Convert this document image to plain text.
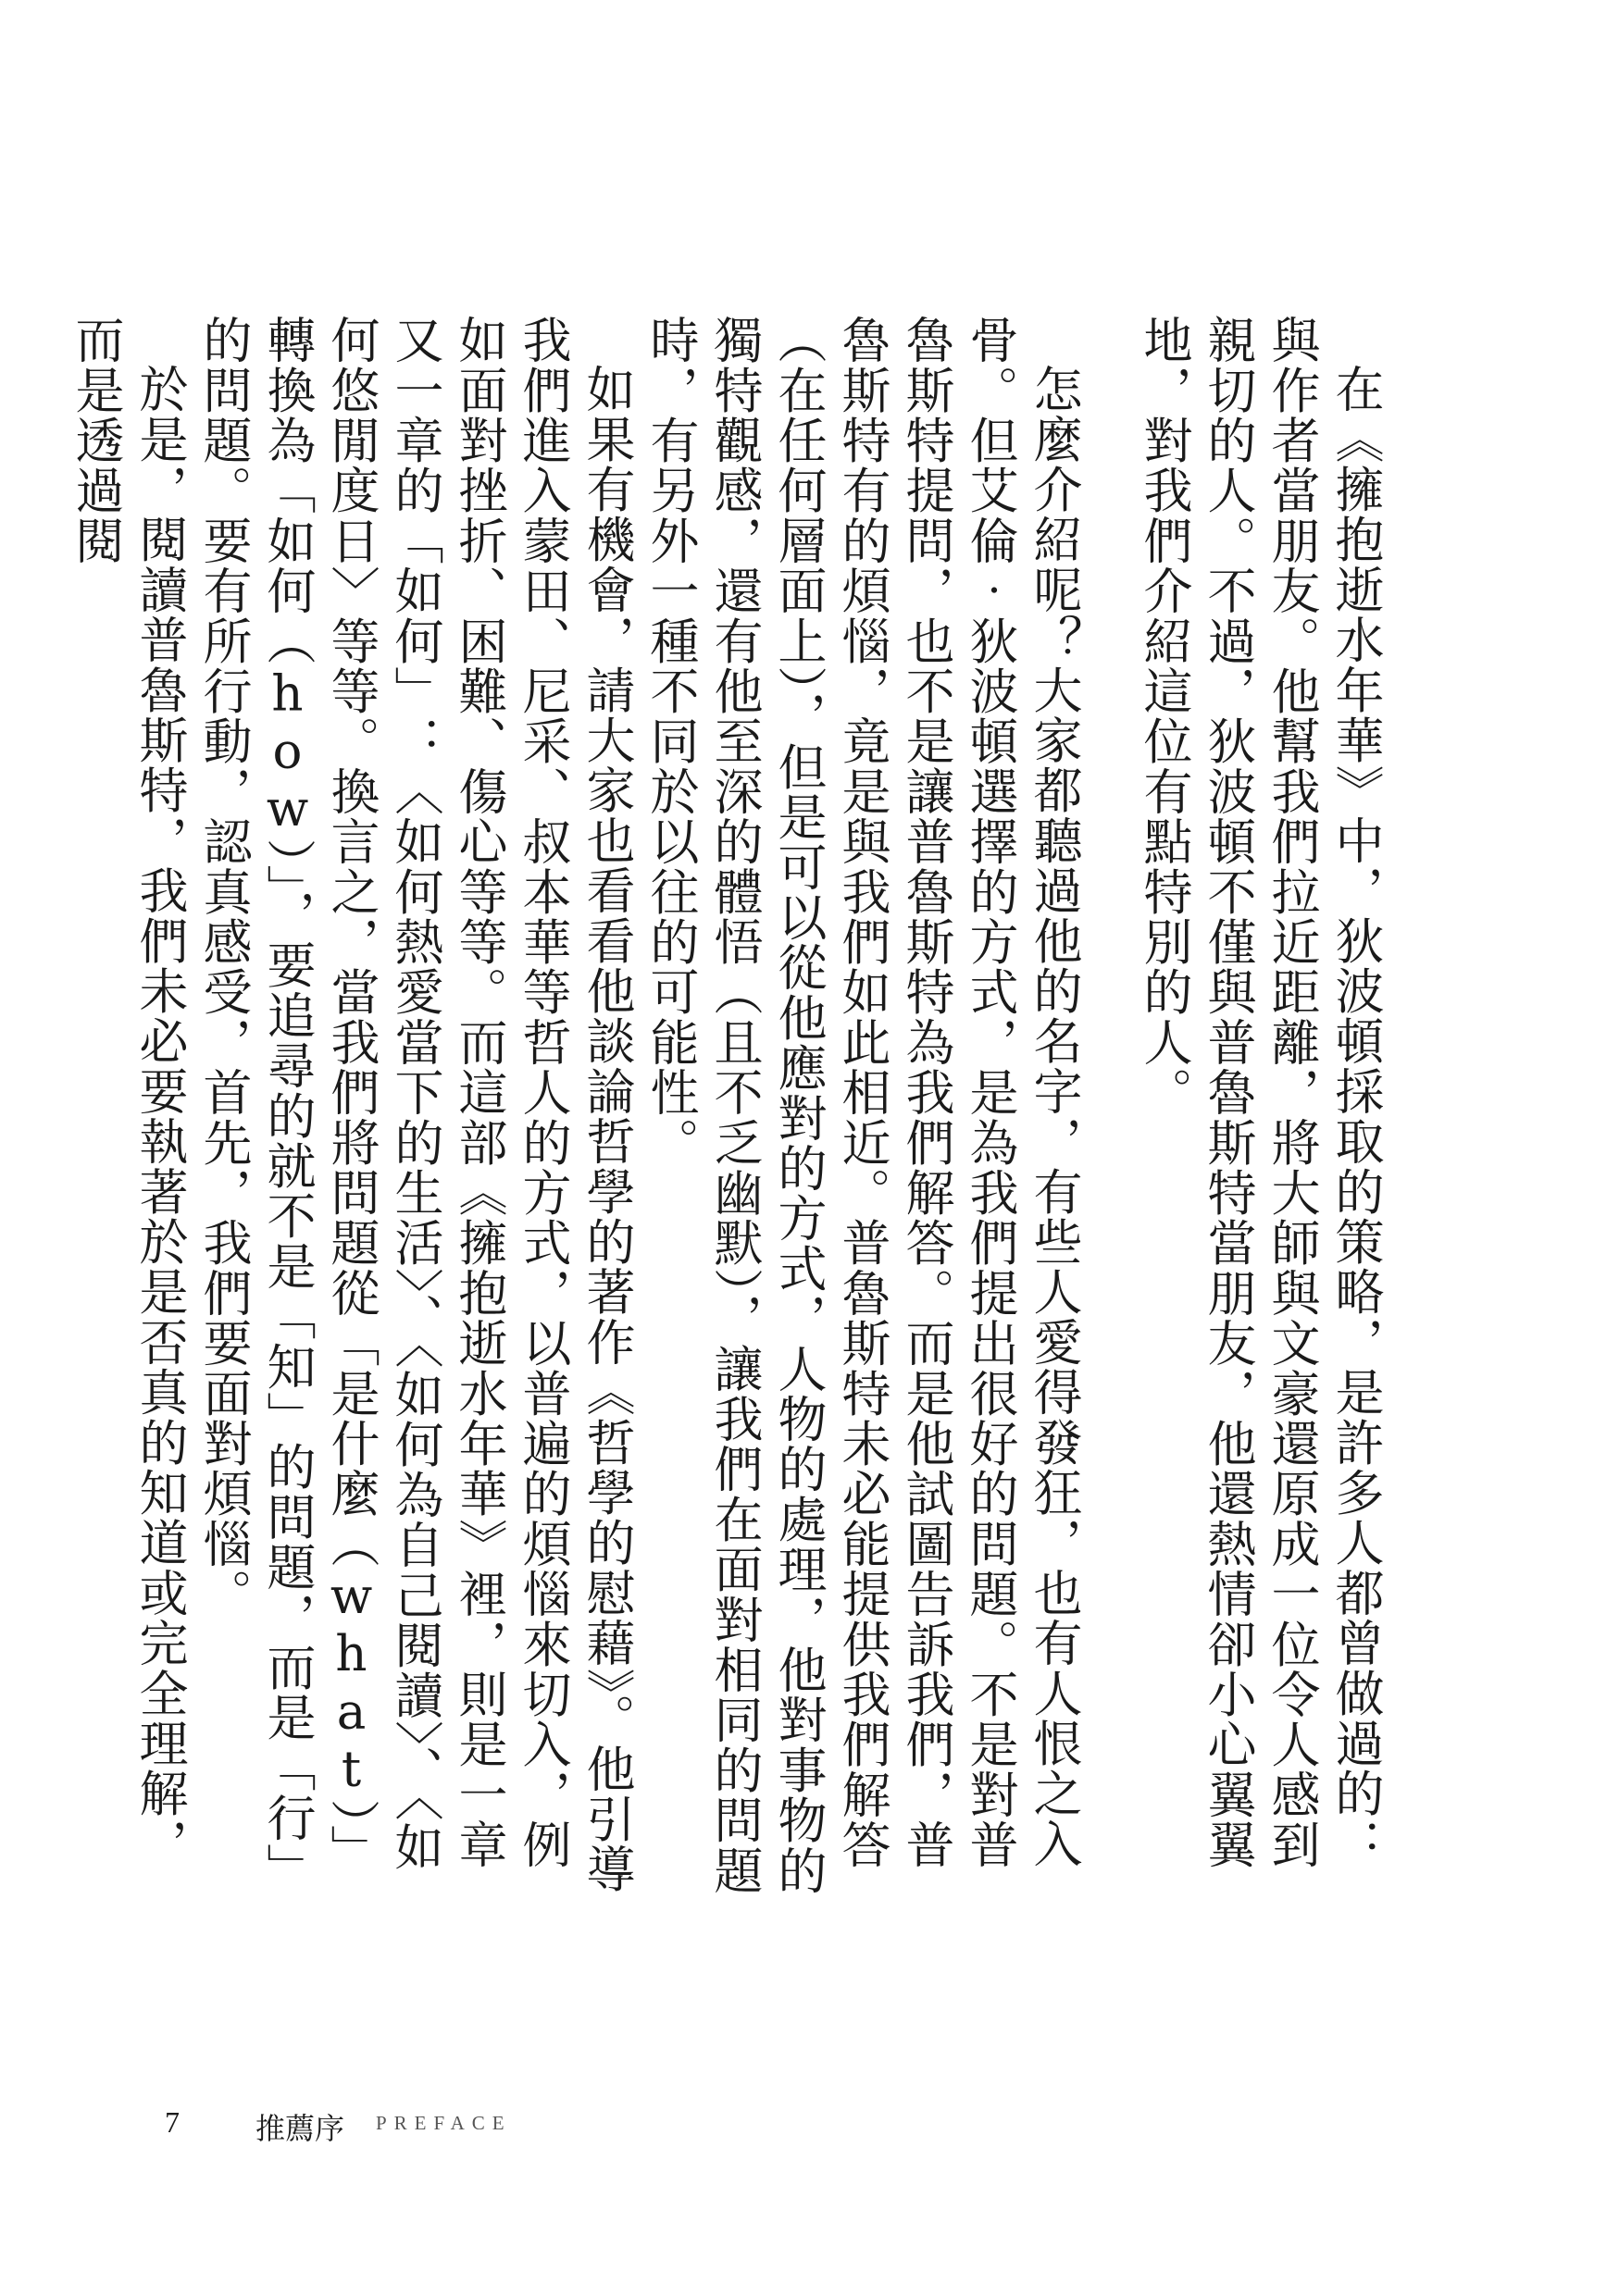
在《擁抱逝水年華》中，狄波頓採取的策略，是許多人都曾做過的：與作者當朋友。他幫我們拉近距離，將大師與文豪還原成一位令人感到親切的人。不過，狄波頓不僅與普魯斯特當朋友，他還熱情卻小心翼翼地，對我們介紹這位有點特別的人。

怎麼介紹呢？大家都聽過他的名字，有些人愛得發狂，也有人恨之入骨。但艾倫‧狄波頓選擇的方式，是為我們提出很好的問題。不是對普魯斯特提問，也不是讓普魯斯特為我們解答。而是他試圖告訴我們，普魯斯特有的煩惱，竟是與我們如此相近。普魯斯特未必能提供我們解答（在任何層面上），但是可以從他應對的方式，人物的處理，他對事物的獨特觀感，還有他至深的體悟（且不乏幽默），讓我們在面對相同的問題時，有另外一種不同於以往的可能性。

如果有機會，請大家也看看他談論哲學的著作《哲學的慰藉》。他引導我們進入蒙田、尼采、叔本華等哲人的方式，以普遍的煩惱來切入，例如面對挫折、困難、傷心等等。而這部《擁抱逝水年華》裡，則是一章又一章的「如何」：〈如何熱愛當下的生活〉、〈如何為自己閱讀〉、〈如何悠閒度日〉等等。換言之，當我們將問題從「是什麼（what）」轉換為「如何（how）」，要追尋的就不是「知」的問題，而是「行」的問題。要有所行動，認真感受，首先，我們要面對煩惱。

於是，閱讀普魯斯特，我們未必要執著於是否真的知道或完全理解，而是透過閱

7	推薦序 PREFACE
